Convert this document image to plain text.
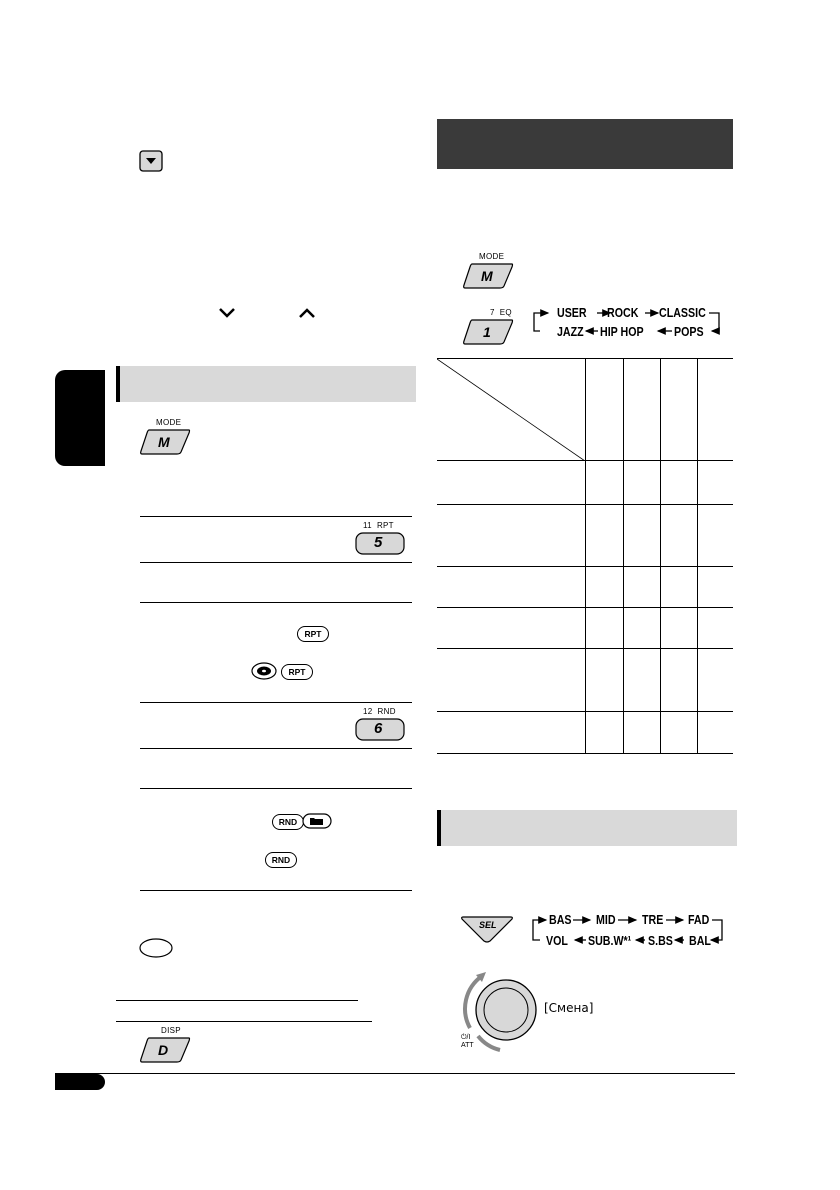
MODE
M
11 RPT
5
RPT
RPT
12 RND
6
RND
RND
DISP
D
MODE
M
7 EQ
1
USER	ROCK	CLASSIC
JAZZ	HIP HOP	POPS
SEL	BAS	MID	TRE	FAD
VOL	SUB.W*¹	S.BS	BAL
[Смена]
⏻/I
ATT
